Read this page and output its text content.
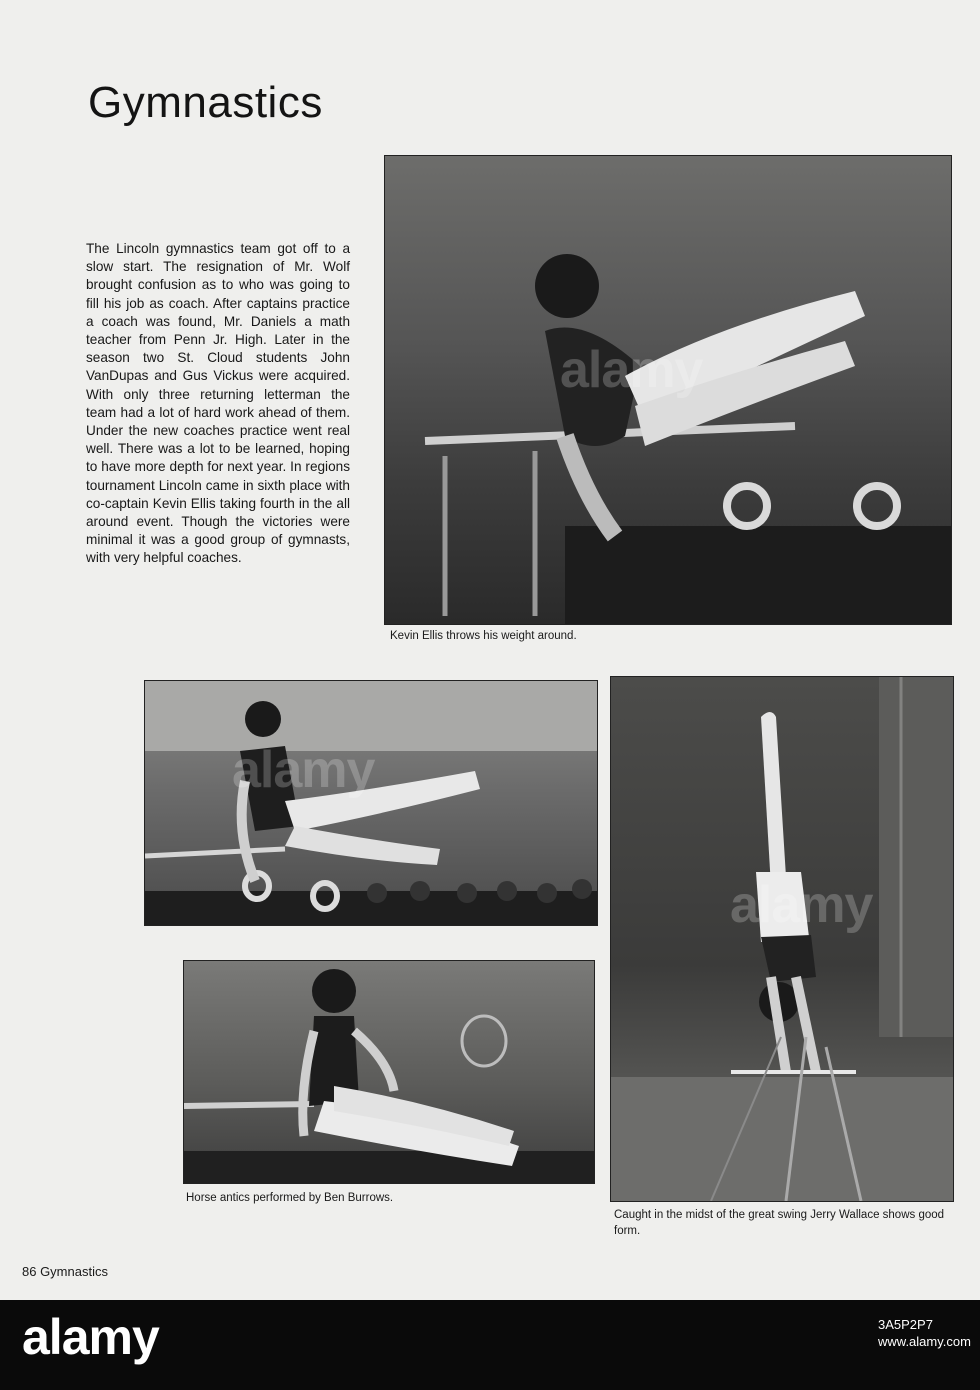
Gymnastics

The Lincoln gymnastics team got off to a slow start. The resignation of Mr. Wolf brought confusion as to who was going to fill his job as coach. After captains practice a coach was found, Mr. Daniels a math teacher from Penn Jr. High. Later in the season two St. Cloud students John VanDupas and Gus Vickus were acquired. With only three returning letterman the team had a lot of hard work ahead of them. Under the new coaches practice went real well. There was a lot to be learned, hoping to have more depth for next year. In regions tournament Lincoln came in sixth place with co-captain Kevin Ellis taking fourth in the all around event. Though the victories were minimal it was a good group of gymnasts, with very helpful coaches.

Kevin Ellis throws his weight around.

Horse antics performed by Ben Burrows.

Caught in the midst of the great swing Jerry Wallace shows good form.

86 Gymnastics
alamy
alamy
alamy
alamy	3A5P2P7
www.alamy.com
